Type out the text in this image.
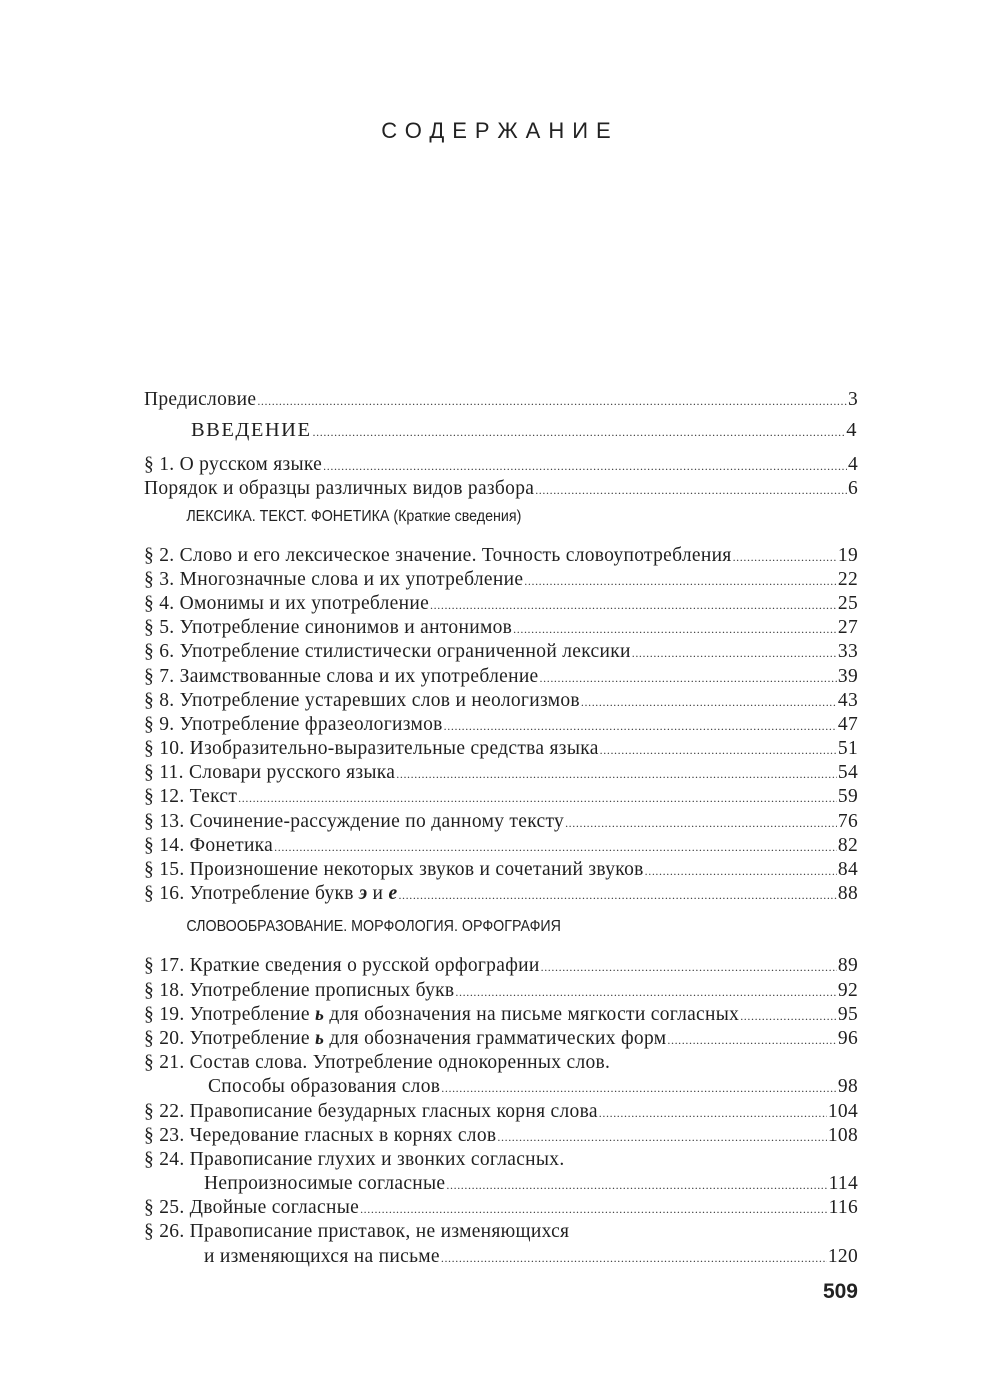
СОДЕРЖАНИЕ
Предисловие .....	3
ВВЕДЕНИЕ .....	4
§ 1. О русском языке .....	4
Порядок и образцы различных видов разбора .....	6
ЛЕКСИКА. ТЕКСТ. ФОНЕТИКА (Краткие сведения)
§ 2. Слово и его лексическое значение. Точность словоупотребления .....	19
§ 3. Многозначные слова и их употребление .....	22
§ 4. Омонимы и их употребление .....	25
§ 5. Употребление синонимов и антонимов .....	27
§ 6. Употребление стилистически ограниченной лексики .....	33
§ 7. Заимствованные слова и их употребление .....	39
§ 8. Употребление устаревших слов и неологизмов .....	43
§ 9. Употребление фразеологизмов .....	47
§ 10. Изобразительно-выразительные средства языка .....	51
§ 11. Словари русского языка .....	54
§ 12. Текст .....	59
§ 13. Сочинение-рассуждение по данному тексту .....	76
§ 14. Фонетика .....	82
§ 15. Произношение некоторых звуков и сочетаний звуков .....	84
§ 16. Употребление букв э и е .....	88
СЛОВООБРАЗОВАНИЕ. МОРФОЛОГИЯ. ОРФОГРАФИЯ
§ 17. Краткие сведения о русской орфографии .....	89
§ 18. Употребление прописных букв .....	92
§ 19. Употребление ь для обозначения на письме мягкости согласных .....	95
§ 20. Употребление ь для обозначения грамматических форм .....	96
§ 21. Состав слова. Употребление однокоренных слов.
Способы образования слов .....	98
§ 22. Правописание безударных гласных корня слова .....	104
§ 23. Чередование гласных в корнях слов .....	108
§ 24. Правописание глухих и звонких согласных.
Непроизносимые согласные .....	114
§ 25. Двойные согласные .....	116
§ 26. Правописание приставок, не изменяющихся
и изменяющихся на письме .....	120
509
